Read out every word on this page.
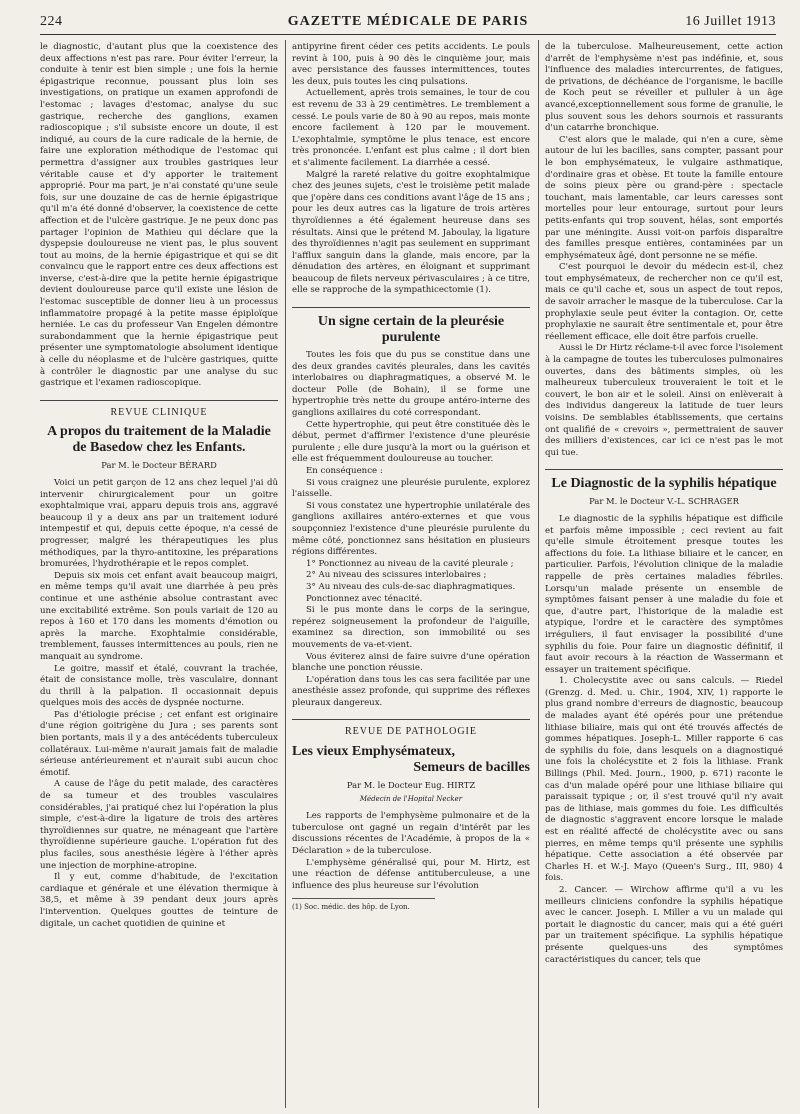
224	GAZETTE MÉDICALE DE PARIS	16 Juillet 1913

le diagnostic, d'autant plus que la coexistence des deux affections n'est pas rare. Pour éviter l'erreur, la conduite à tenir est bien simple ; une fois la hernie épigastrique reconnue, poussant plus loin ses investigations, on pratique un examen approfondi de l'estomac ; lavages d'estomac, analyse du suc gastrique, recherche des ganglions, examen radioscopique ; s'il subsiste encore un doute, il est indiqué, au cours de la cure radicale de la hernie, de faire une exploration méthodique de l'estomac qui permettra d'assigner aux troubles gastriques leur véritable cause et d'y apporter le traitement approprié. Pour ma part, je n'ai constaté qu'une seule fois, sur une douzaine de cas de hernie épigastrique qu'il m'a été donné d'observer, la coexistence de cette affection et de l'ulcère gastrique. Je ne peux donc pas partager l'opinion de Mathieu qui déclare que la dyspepsie douloureuse ne vient pas, le plus souvent tout au moins, de la hernie épigastrique et qui se dit convaincu que le rapport entre ces deux affections est inverse, c'est-à-dire que la petite hernie épigastrique devient douloureuse parce qu'il existe une lésion de l'estomac susceptible de donner lieu à un processus inflammatoire propagé à la petite masse épiploïque herniée. Le cas du professeur Van Engelen démontre surabondamment que la hernie épigastrique peut présenter une symptomatologie absolument identique à celle du néoplasme et de l'ulcère gastriques, quitte à contrôler le diagnostic par une analyse du suc gastrique et l'examen radioscopique.

REVUE CLINIQUE
A propos du traitement de la Maladie de Basedow chez les Enfants.
Par M. le Docteur BÉRARD

Voici un petit garçon de 12 ans chez lequel j'ai dû intervenir chirurgicalement pour un goitre exophtalmique vrai, apparu depuis trois ans, aggravé beaucoup il y a deux ans par un traitement ioduré intempestif et qui, depuis cette époque, n'a cessé de progresser, malgré les thérapeutiques les plus méthodiques, par la thyro-antitoxine, les préparations bromurées, l'hydrothérapie et le repos complet.

Depuis six mois cet enfant avait beaucoup maigri, en même temps qu'il avait une diarrhée à peu près continue et une asthénie absolue contrastant avec une excitabilité extrême. Son pouls variait de 120 au repos à 160 et 170 dans les moments d'émotion ou après la marche. Exophtalmie considérable, tremblement, fausses intermittences au pouls, rien ne manquait au syndrome.

Le goitre, massif et étalé, couvrant la trachée, était de consistance molle, très vasculaire, donnant du thrill à la palpation. Il occasionnait depuis quelques mois des accès de dyspnée nocturne.

Pas d'étiologie précise ; cet enfant est originaire d'une région goitrigène du Jura ; ses parents sont bien portants, mais il y a des antécédents tuberculeux collatéraux. Lui-même n'aurait jamais fait de maladie sérieuse antérieurement et n'aurait subi aucun choc émotif.

A cause de l'âge du petit malade, des caractères de sa tumeur et des troubles vasculaires considérables, j'ai pratiqué chez lui l'opération la plus simple, c'est-à-dire la ligature de trois des artères thyroïdiennes sur quatre, ne ménageant que l'artère thyroïdienne supérieure gauche. L'opération fut des plus faciles, sous anesthésie légère à l'éther après une injection de morphine-atropine.

Il y eut, comme d'habitude, de l'excitation cardiaque et générale et une élévation thermique à 38,5, et même à 39 pendant deux jours après l'intervention. Quelques gouttes de teinture de digitale, un cachet quotidien de quinine et

antipyrine firent céder ces petits accidents. Le pouls revint à 100, puis à 90 dès le cinquième jour, mais avec persistance des fausses intermittences, toutes les deux, puis toutes les cinq pulsations.

Actuellement, après trois semaines, le tour de cou est revenu de 33 à 29 centimètres. Le tremblement a cessé. Le pouls varie de 80 à 90 au repos, mais monte encore facilement à 120 par le mouvement. L'exophtalmie, symptôme le plus tenace, est encore très prononcée. L'enfant est plus calme ; il dort bien et s'alimente facilement. La diarrhée a cessé.

Malgré la rareté relative du goitre exophtalmique chez des jeunes sujets, c'est le troisième petit malade que j'opère dans ces conditions avant l'âge de 15 ans ; pour les deux autres cas la ligature de trois artères thyroïdiennes a été également heureuse dans ses résultats. Ainsi que le prétend M. Jaboulay, la ligature des thyroïdiennes n'agit pas seulement en supprimant l'afflux sanguin dans la glande, mais encore, par la dénudation des artères, en éloignant et supprimant beaucoup de filets nerveux périvasculaires ; à ce titre, elle se rapproche de la sympathicectomie (1).

Un signe certain de la pleurésie purulente

Toutes les fois que du pus se constitue dans une des deux grandes cavités pleurales, dans les cavités interlobaires ou diaphragmatiques, a observé M. le docteur Polle (de Bohain), il se forme une hypertrophie très nette du groupe antéro-interne des ganglions axillaires du coté correspondant.

Cette hypertrophie, qui peut être constituée dès le début, permet d'affirmer l'existence d'une pleurésie purulente ; elle dure jusqu'à la mort ou la guérison et elle est fréquemment douloureuse au toucher.

En conséquence :

Si vous craignez une pleurésie purulente, explorez l'aisselle.

Si vous constatez une hypertrophie unilatérale des ganglions axillaires antéro-externes et que vous soupçonniez l'existence d'une pleurésie purulente du même côté, ponctionnez sans hésitation en plusieurs régions différentes.

1° Ponctionnez au niveau de la cavité pleurale ;

2° Au niveau des scissures interlobaires ;

3° Au niveau des culs-de-sac diaphragmatiques.

Ponctionnez avec ténacité.

Si le pus monte dans le corps de la seringue, repérez soigneusement la profondeur de l'aiguille, examinez sa direction, son immobilité ou ses mouvements de va-et-vient.

Vous éviterez ainsi de faire suivre d'une opération blanche une ponction réussie.

L'opération dans tous les cas sera facilitée par une anesthésie assez profonde, qui supprime des réflexes pleuraux dangereux.

REVUE DE PATHOLOGIE
Les vieux Emphysémateux,
Semeurs de bacilles
Par M. le Docteur Eug. HIRTZ
Médecin de l'Hopital Necker

Les rapports de l'emphysème pulmonaire et de la tuberculose ont gagné un regain d'intérêt par les discussions récentes de l'Académie, à propos de la « Déclaration » de la tuberculose.

L'emphysème généralisé qui, pour M. Hirtz, est une réaction de défense antituberculeuse, a une influence des plus heureuse sur l'évolution

(1) Soc. médic. des hôp. de Lyon.

de la tuberculose. Malheureusement, cette action d'arrêt de l'emphysème n'est pas indéfinie, et, sous l'influence des maladies intercurrentes, de fatigues, de privations, de déchéance de l'organisme, le bacille de Koch peut se réveiller et pulluler à un âge avancé,exceptionnellement sous forme de granulie, le plus souvent sous les dehors sournois et rassurants d'un catarrhe bronchique.

C'est alors que le malade, qui n'en a cure, sème autour de lui les bacilles, sans compter, passant pour le bon emphysémateux, le vulgaire asthmatique, d'ordinaire gras et obèse. Et toute la famille entoure de soins pieux père ou grand-père : spectacle touchant, mais lamentable, car leurs caresses sont mortelles pour leur entourage, surtout pour leurs petits-enfants qui trop souvent, hélas, sont emportés par une méningite. Aussi voit-on parfois disparaître des familles presque entières, contaminées par un emphysémateux âgé, dont personne ne se méfie.

C'est pourquoi le devoir du médecin est-il, chez tout emphysémateux, de rechercher non ce qu'il est, mais ce qu'il cache et, sous un aspect de tout repos, de savoir arracher le masque de la tuberculose. Car la prophylaxie seule peut éviter la contagion. Or, cette prophylaxie ne saurait être sentimentale et, pour être réellement efficace, elle doit être parfois cruelle.

Aussi le Dr Hirtz réclame-t-il avec force l'isolement à la campagne de toutes les tuberculoses pulmonaires ouvertes, dans des bâtiments simples, où les malheureux tuberculeux trouveraient le toit et le couvert, le bon air et le soleil. Ainsi on enlèverait à des individus dangereux la latitude de tuer leurs voisins. De semblables établissements, que certains ont qualifié de « crevoirs », permettraient de sauver des milliers d'existences, car ici ce n'est pas le mot qui tue.

Le Diagnostic de la syphilis hépatique
Par M. le Docteur V.-L. SCHRAGER

Le diagnostic de la syphilis hépatique est difficile et parfois même impossible ; ceci revient au fait qu'elle simule étroitement presque toutes les affections du foie. La lithiase biliaire et le cancer, en particulier. Parfois, l'évolution clinique de la maladie rappelle de près certaines maladies fébriles. Lorsqu'un malade présente un ensemble de symptômes faisant penser à une maladie du foie et que, d'autre part, l'historique de la maladie est atypique, l'ordre et le caractère des symptômes irréguliers, il faut envisager la possibilité d'une syphilis du foie. Pour faire un diagnostic définitif, il faut avoir recours à la réaction de Wassermann et essayer un traitement spécifique.

1. Cholecystite avec ou sans calculs. — Riedel (Grenzg. d. Med. u. Chir., 1904, XIV, 1) rapporte le plus grand nombre d'erreurs de diagnostic, beaucoup de malades ayant été opérés pour une prétendue lithiase biliaire, mais qui ont été trouvés affectés de gommes hépatiques. Joseph-L. Miller rapporte 6 cas de syphilis du foie, dans lesquels on a diagnostiqué une fois la cholécystite et 2 fois la lithiase. Frank Billings (Phil. Med. Journ., 1900, p. 671) raconte le cas d'un malade opéré pour une lithiase biliaire qui paraissait typique ; or, il s'est trouvé qu'il n'y avait pas de lithiase, mais gommes du foie. Les difficultés de diagnostic s'aggravent encore lorsque le malade est en réalité affecté de cholécystite avec ou sans pierres, en même temps qu'il présente une syphilis hépatique. Cette association a été observée par Charles H. et W.-J. Mayo (Queen's Surg., III, 980) 4 fois.

2. Cancer. — Wirchow affirme qu'il a vu les meilleurs cliniciens confondre la syphilis hépatique avec le cancer. Joseph. L Miller a vu un malade qui portait le diagnostic du cancer, mais qui a été guéri par un traitement spécifique. La syphilis hépatique présente quelques-uns des symptômes caractéristiques du cancer, tels que
